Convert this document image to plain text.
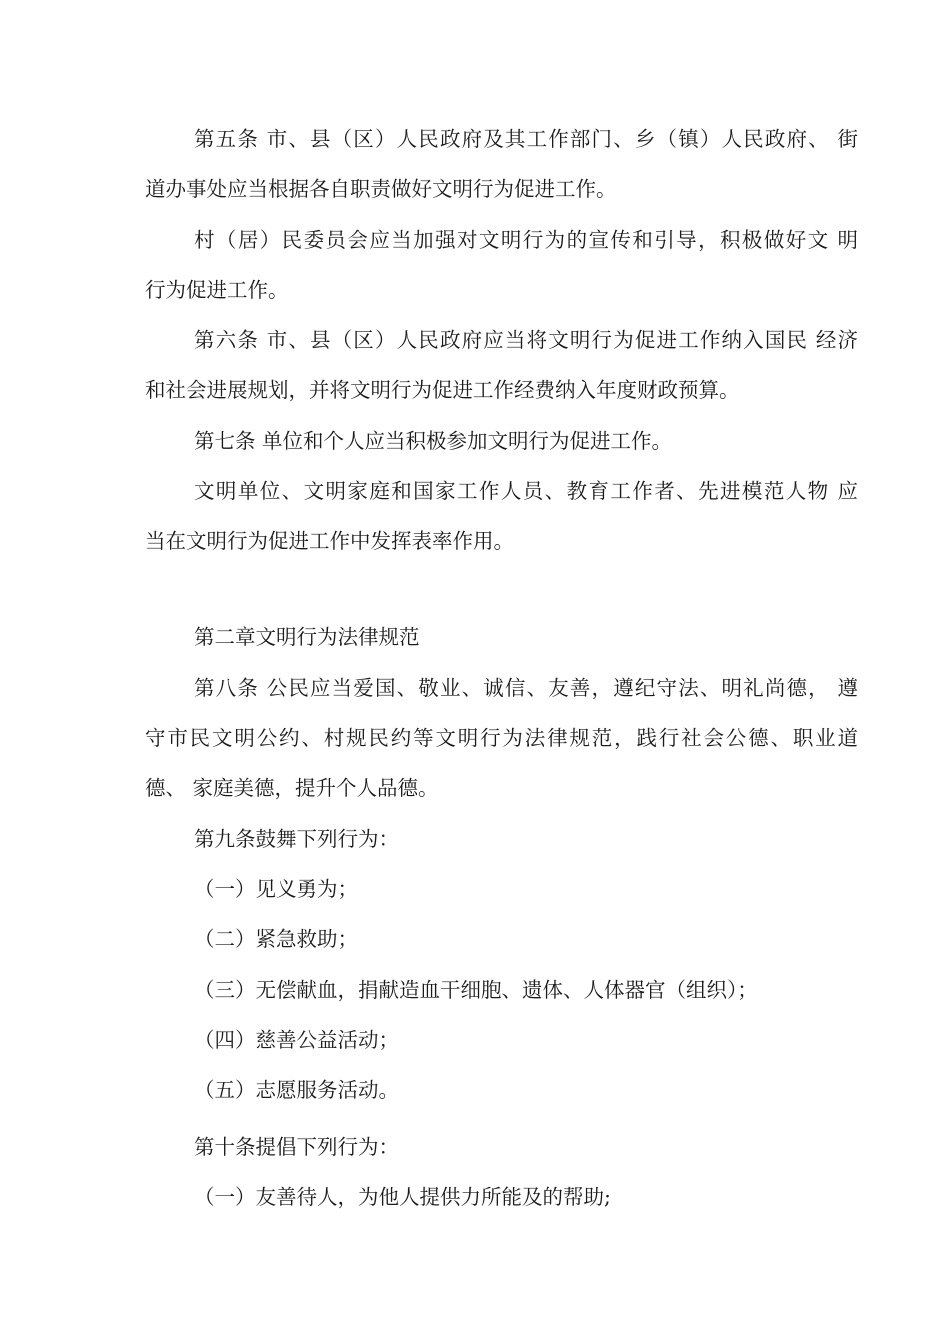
第五条 市、县（区）人民政府及其工作部门、乡（镇）人民政府、 街
道办事处应当根据各自职责做好文明行为促进工作。
村（居）民委员会应当加强对文明行为的宣传和引导，积极做好文 明
行为促进工作。
第六条 市、县（区）人民政府应当将文明行为促进工作纳入国民 经济
和社会进展规划，并将文明行为促进工作经费纳入年度财政预算。
第七条 单位和个人应当积极参加文明行为促进工作。
文明单位、文明家庭和国家工作人员、教育工作者、先进模范人物 应
当在文明行为促进工作中发挥表率作用。
第二章文明行为法律规范
第八条 公民应当爱国、敬业、诚信、友善，遵纪守法、明礼尚德， 遵
守市民文明公约、村规民约等文明行为法律规范，践行社会公德、职业道
德、 家庭美德，提升个人品德。
第九条鼓舞下列行为：
（一）见义勇为；
（二）紧急救助；
（三）无偿献血，捐献造血干细胞、遗体、人体器官（组织）；
（四）慈善公益活动；
（五）志愿服务活动。
第十条提倡下列行为：
（一）友善待人，为他人提供力所能及的帮助;
